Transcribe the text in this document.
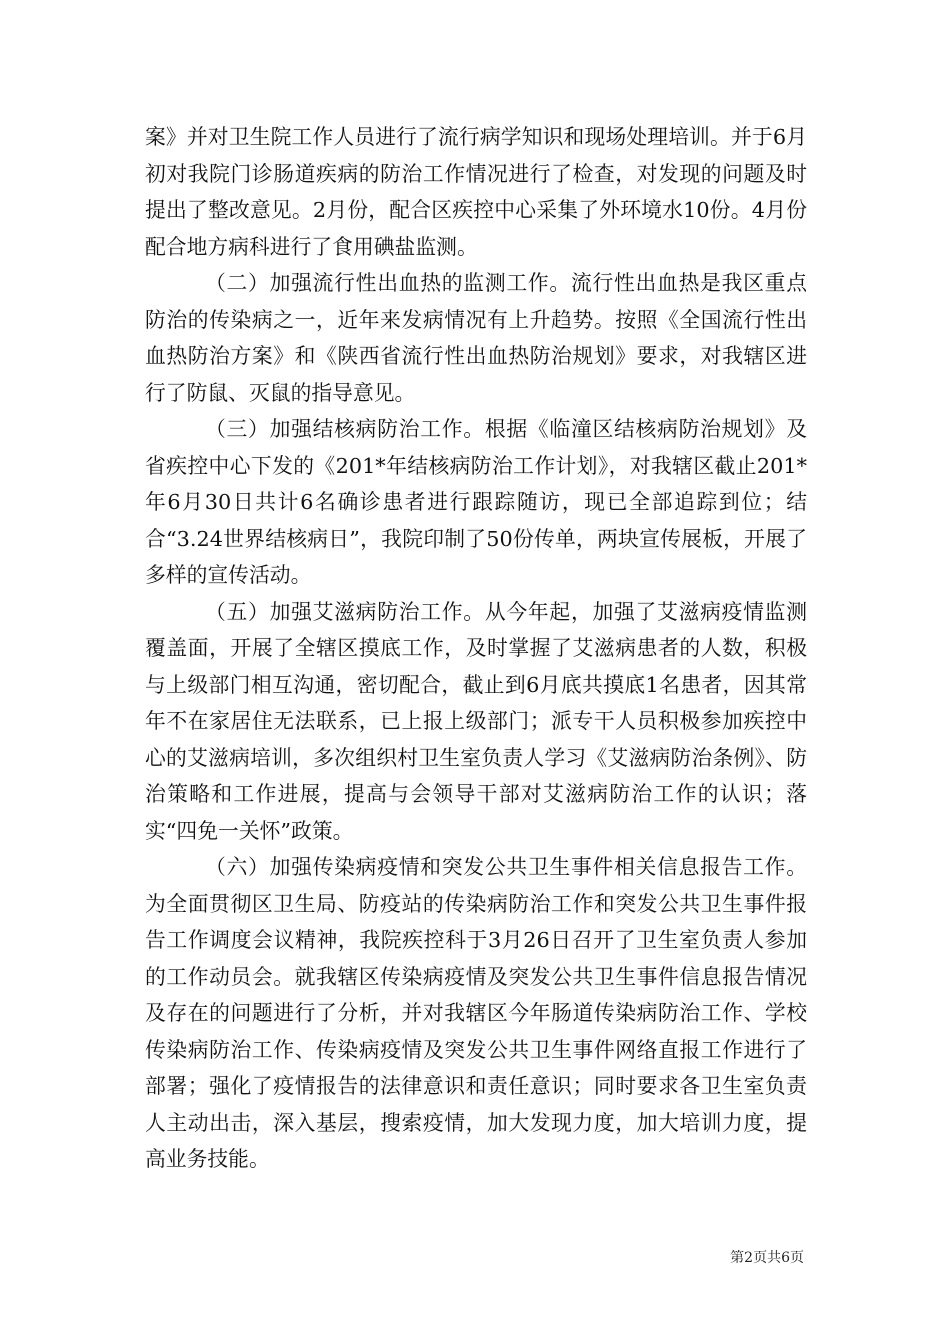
案》并对卫生院工作人员进行了流行病学知识和现场处理培训。并于6月初对我院门诊肠道疾病的防治工作情况进行了检查，对发现的问题及时提出了整改意见。2月份，配合区疾控中心采集了外环境水10份。4月份配合地方病科进行了食用碘盐监测。

（二）加强流行性出血热的监测工作。流行性出血热是我区重点防治的传染病之一，近年来发病情况有上升趋势。按照《全国流行性出血热防治方案》和《陕西省流行性出血热防治规划》要求，对我辖区进行了防鼠、灭鼠的指导意见。

（三）加强结核病防治工作。根据《临潼区结核病防治规划》及省疾控中心下发的《201*年结核病防治工作计划》，对我辖区截止201*年6月30日共计6名确诊患者进行跟踪随访，现已全部追踪到位；结合“3.24世界结核病日”，我院印制了50份传单，两块宣传展板，开展了多样的宣传活动。

（五）加强艾滋病防治工作。从今年起，加强了艾滋病疫情监测覆盖面，开展了全辖区摸底工作，及时掌握了艾滋病患者的人数，积极与上级部门相互沟通，密切配合，截止到6月底共摸底1名患者，因其常年不在家居住无法联系，已上报上级部门；派专干人员积极参加疾控中心的艾滋病培训，多次组织村卫生室负责人学习《艾滋病防治条例》、防治策略和工作进展，提高与会领导干部对艾滋病防治工作的认识；落实“四免一关怀”政策。

（六）加强传染病疫情和突发公共卫生事件相关信息报告工作。为全面贯彻区卫生局、防疫站的传染病防治工作和突发公共卫生事件报告工作调度会议精神，我院疾控科于3月26日召开了卫生室负责人参加的工作动员会。就我辖区传染病疫情及突发公共卫生事件信息报告情况及存在的问题进行了分析，并对我辖区今年肠道传染病防治工作、学校传染病防治工作、传染病疫情及突发公共卫生事件网络直报工作进行了部署；强化了疫情报告的法律意识和责任意识；同时要求各卫生室负责人主动出击，深入基层，搜索疫情，加大发现力度，加大培训力度，提高业务技能。

第2页共6页
